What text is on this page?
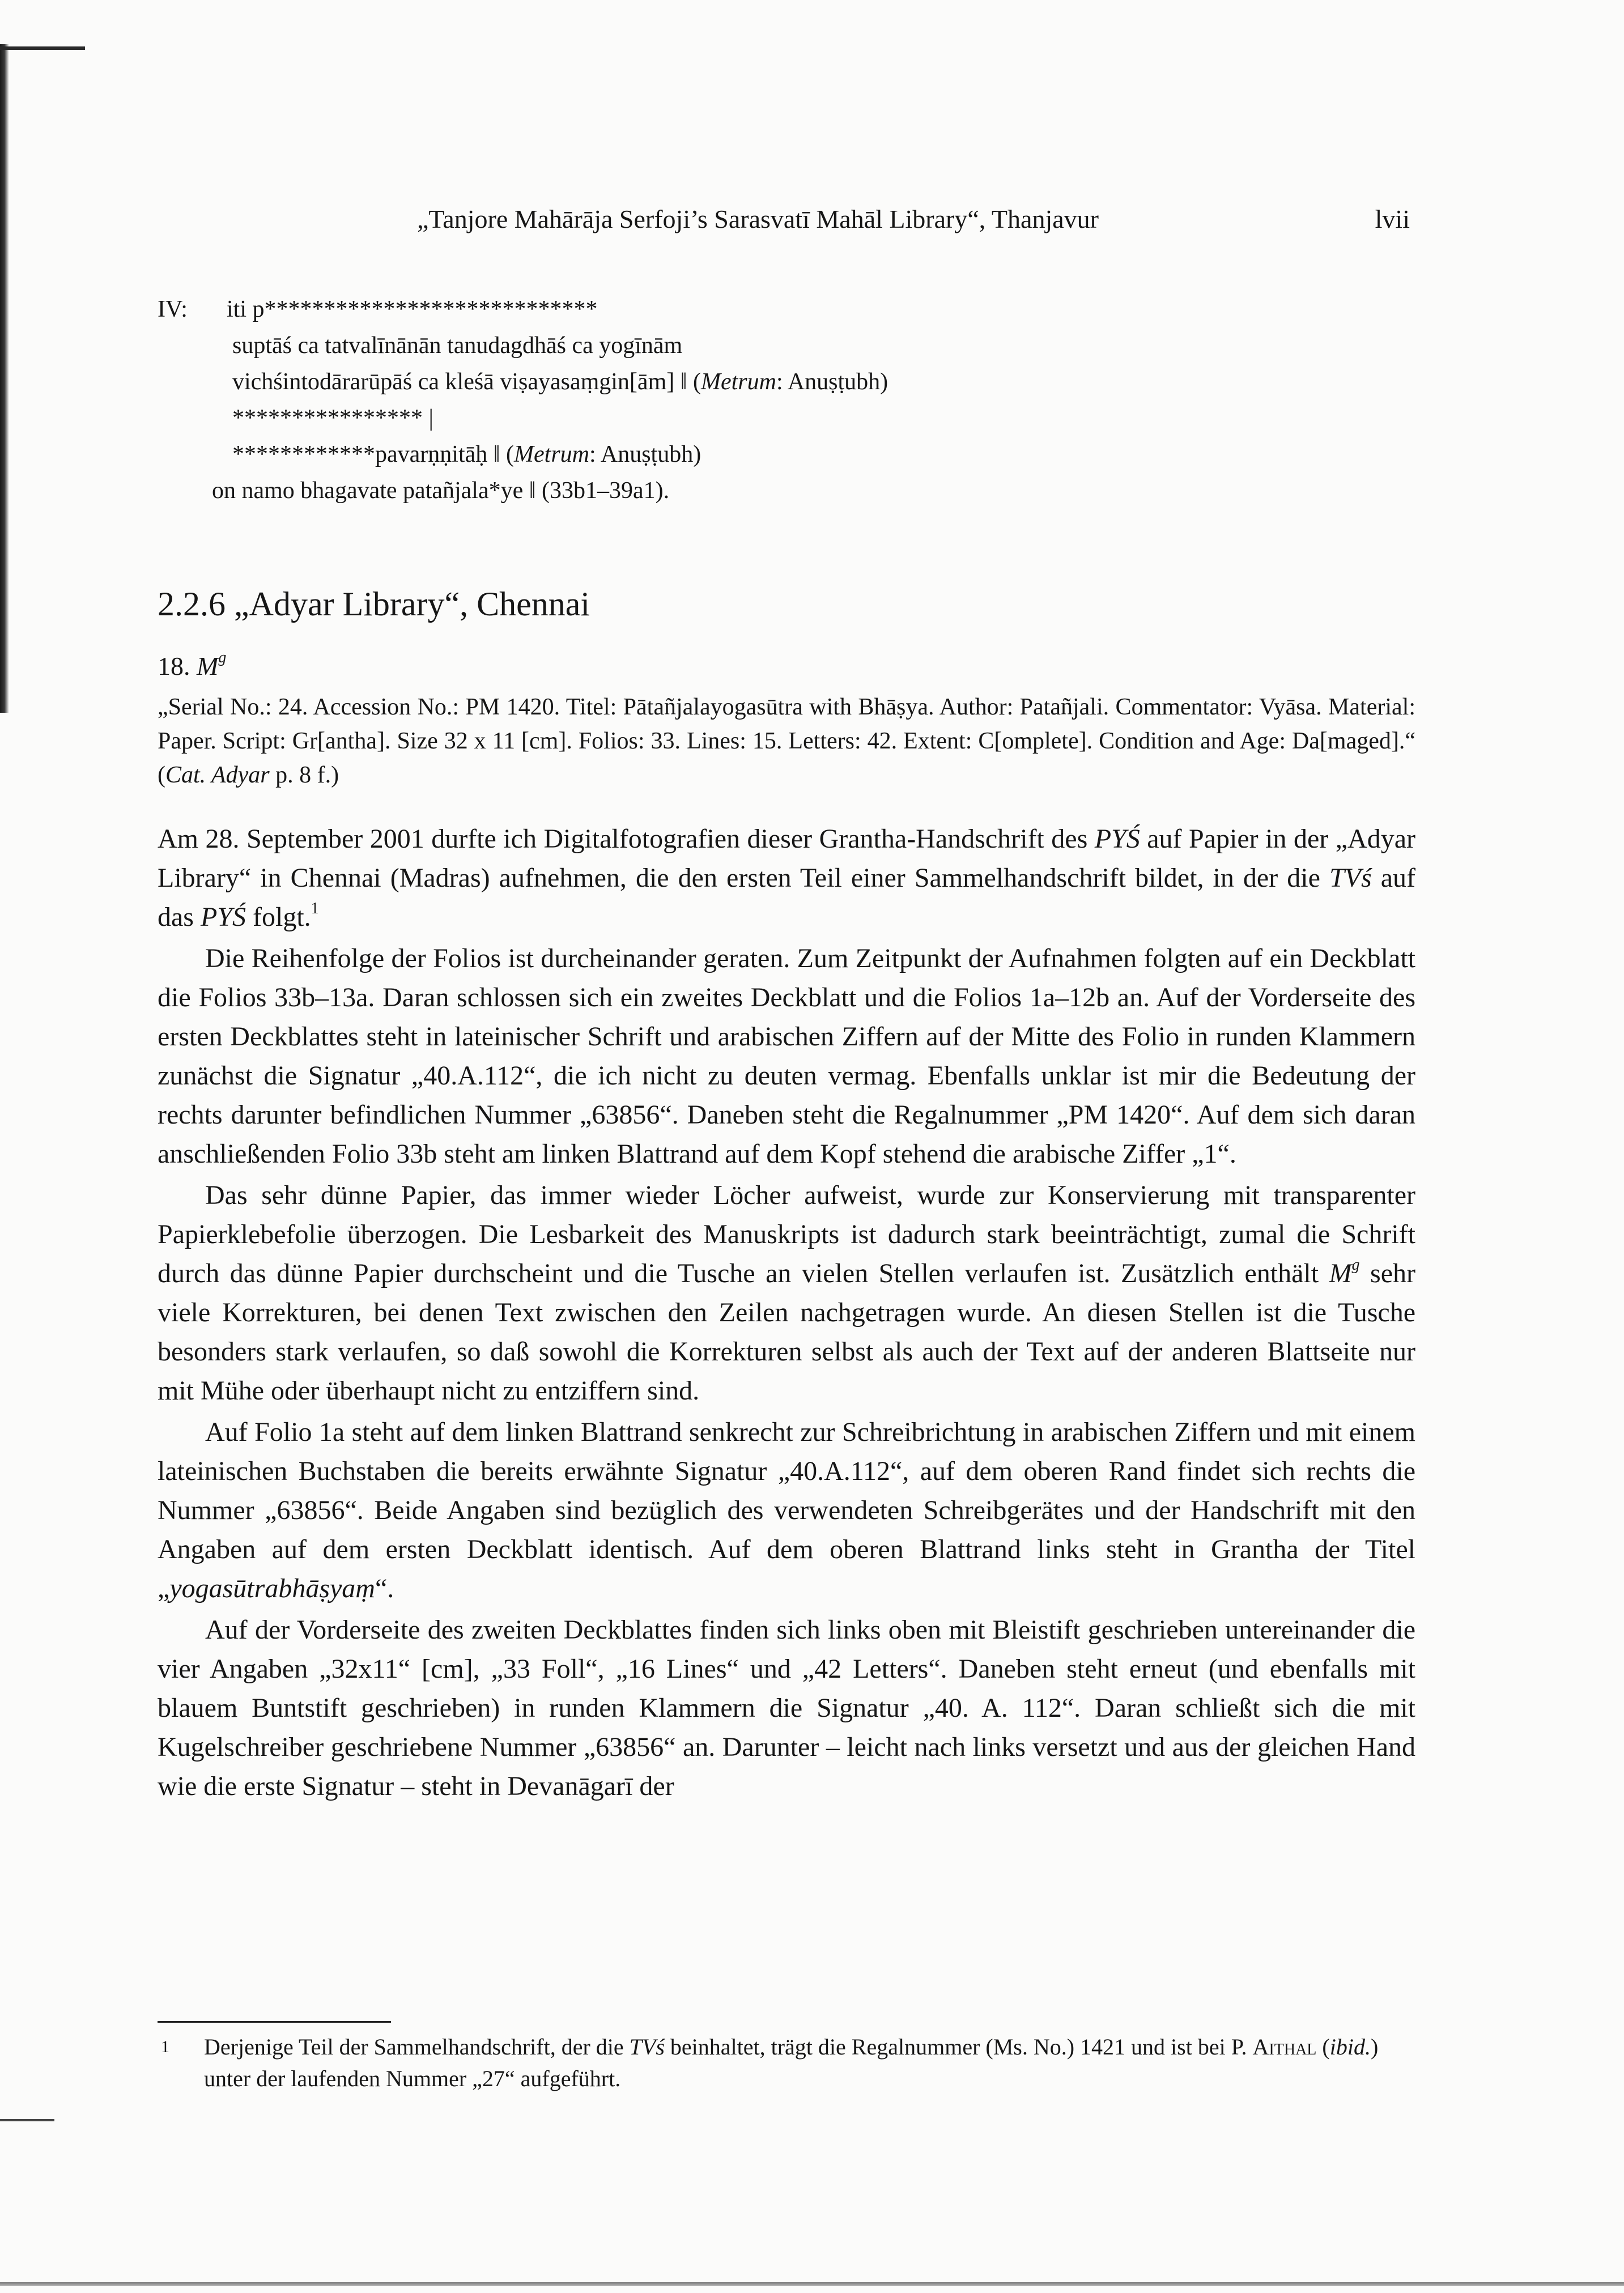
„Tanjore Mahārāja Serfoji’s Sarasvatī Mahāl Library“, Thanjavur	lvii
IV: iti p****************************
suptāś ca tatvalīnānān tanudagdhāś ca yogīnām
vichśintodārarūpāś ca kleśā viṣayasaṃgin[ām] ‖ (Metrum: Anuṣṭubh)
**************** |
************pavarṇṇitāḥ ‖ (Metrum: Anuṣṭubh)
on namo bhagavate patañjala*ye ‖ (33b1–39a1).
2.2.6 „Adyar Library“, Chennai
18. $M^g$
„Serial No.: 24. Accession No.: PM 1420. Titel: Pātañjalayogasūtra with Bhāṣya. Author: Patañjali. Commentator: Vyāsa. Material: Paper. Script: Gr[antha]. Size 32 x 11 [cm]. Folios: 33. Lines: 15. Letters: 42. Extent: C[omplete]. Condition and Age: Da[maged].“ (Cat. Adyar p. 8 f.)

Am 28. September 2001 durfte ich Digitalfotografien dieser Grantha-Handschrift des PYŚ auf Papier in der „Adyar Library“ in Chennai (Madras) aufnehmen, die den ersten Teil einer Sammelhandschrift bildet, in der die TVś auf das PYŚ folgt.$^1$

Die Reihenfolge der Folios ist durcheinander geraten. Zum Zeitpunkt der Aufnahmen folgten auf ein Deckblatt die Folios 33b–13a. Daran schlossen sich ein zweites Deckblatt und die Folios 1a–12b an. Auf der Vorderseite des ersten Deckblattes steht in lateinischer Schrift und arabischen Ziffern auf der Mitte des Folio in runden Klammern zunächst die Signatur „40.A.112“, die ich nicht zu deuten vermag. Ebenfalls unklar ist mir die Bedeutung der rechts darunter befindlichen Nummer „63856“. Daneben steht die Regalnummer „PM 1420“. Auf dem sich daran anschließenden Folio 33b steht am linken Blattrand auf dem Kopf stehend die arabische Ziffer „1“.

Das sehr dünne Papier, das immer wieder Löcher aufweist, wurde zur Konservierung mit transparenter Papierklebefolie überzogen. Die Lesbarkeit des Manuskripts ist dadurch stark beeinträchtigt, zumal die Schrift durch das dünne Papier durchscheint und die Tusche an vielen Stellen verlaufen ist. Zusätzlich enthält $M^g$ sehr viele Korrekturen, bei denen Text zwischen den Zeilen nachgetragen wurde. An diesen Stellen ist die Tusche besonders stark verlaufen, so daß sowohl die Korrekturen selbst als auch der Text auf der anderen Blattseite nur mit Mühe oder überhaupt nicht zu entziffern sind.

Auf Folio 1a steht auf dem linken Blattrand senkrecht zur Schreibrichtung in arabischen Ziffern und mit einem lateinischen Buchstaben die bereits erwähnte Signatur „40.A.112“, auf dem oberen Rand findet sich rechts die Nummer „63856“. Beide Angaben sind bezüglich des verwendeten Schreibgerätes und der Handschrift mit den Angaben auf dem ersten Deckblatt identisch. Auf dem oberen Blattrand links steht in Grantha der Titel „yogasūtrabhāṣyaṃ“.

Auf der Vorderseite des zweiten Deckblattes finden sich links oben mit Bleistift geschrieben untereinander die vier Angaben „32x11“ [cm], „33 Foll“, „16 Lines“ und „42 Letters“. Daneben steht erneut (und ebenfalls mit blauem Buntstift geschrieben) in runden Klammern die Signatur „40. A. 112“. Daran schließt sich die mit Kugelschreiber geschriebene Nummer „63856“ an. Darunter – leicht nach links versetzt und aus der gleichen Hand wie die erste Signatur – steht in Devanāgarī der

1	Derjenige Teil der Sammelhandschrift, der die TVś beinhaltet, trägt die Regalnummer (Ms. No.) 1421 und ist bei P. Aithal (ibid.) unter der laufenden Nummer „27“ aufgeführt.
